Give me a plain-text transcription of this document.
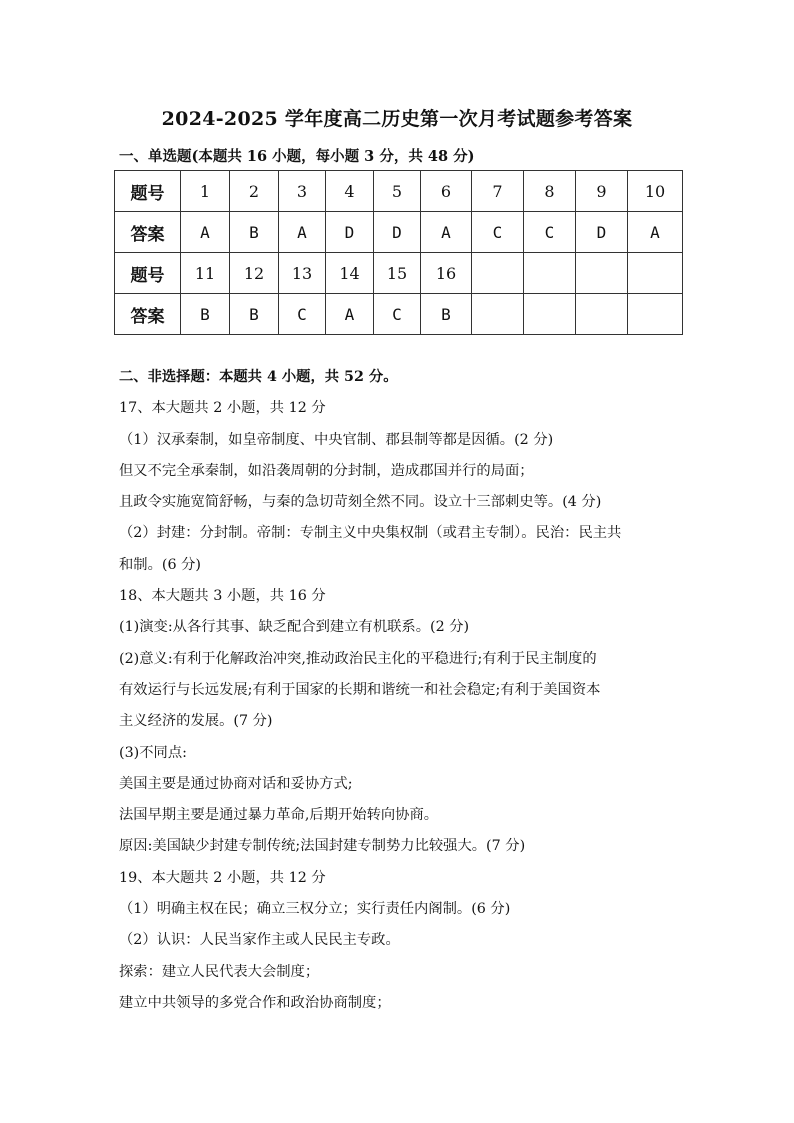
2024-2025 学年度高二历史第一次月考试题参考答案
一、单选题(本题共 16 小题，每小题 3 分，共 48 分)
题号	1	2	3	4	5	6	7	8	9	10
答案	A	B	A	D	D	A	C	C	D	A
题号	11	12	13	14	15	16				
答案	B	B	C	A	C	B				
二、非选择题：本题共 4 小题，共 52 分。
17、本大题共 2 小题，共 12 分
（1）汉承秦制，如皇帝制度、中央官制、郡县制等都是因循。(2 分)
但又不完全承秦制，如沿袭周朝的分封制，造成郡国并行的局面；
且政令实施宽简舒畅，与秦的急切苛刻全然不同。设立十三部刺史等。(4 分)
（2）封建：分封制。帝制：专制主义中央集权制（或君主专制）。民治：民主共
和制。(6 分)
18、本大题共 3 小题，共 16 分
(1)演变:从各行其事、缺乏配合到建立有机联系。(2 分)
(2)意义:有利于化解政治冲突,推动政治民主化的平稳进行;有利于民主制度的
有效运行与长远发展;有利于国家的长期和谐统一和社会稳定;有利于美国资本
主义经济的发展。(7 分)
(3)不同点:
美国主要是通过协商对话和妥协方式;
法国早期主要是通过暴力革命,后期开始转向协商。
原因:美国缺少封建专制传统;法国封建专制势力比较强大。(7 分)
19、本大题共 2 小题，共 12 分
（1）明确主权在民；确立三权分立；实行责任内阁制。(6 分)
（2）认识：人民当家作主或人民民主专政。
探索：建立人民代表大会制度；
建立中共领导的多党合作和政治协商制度；
